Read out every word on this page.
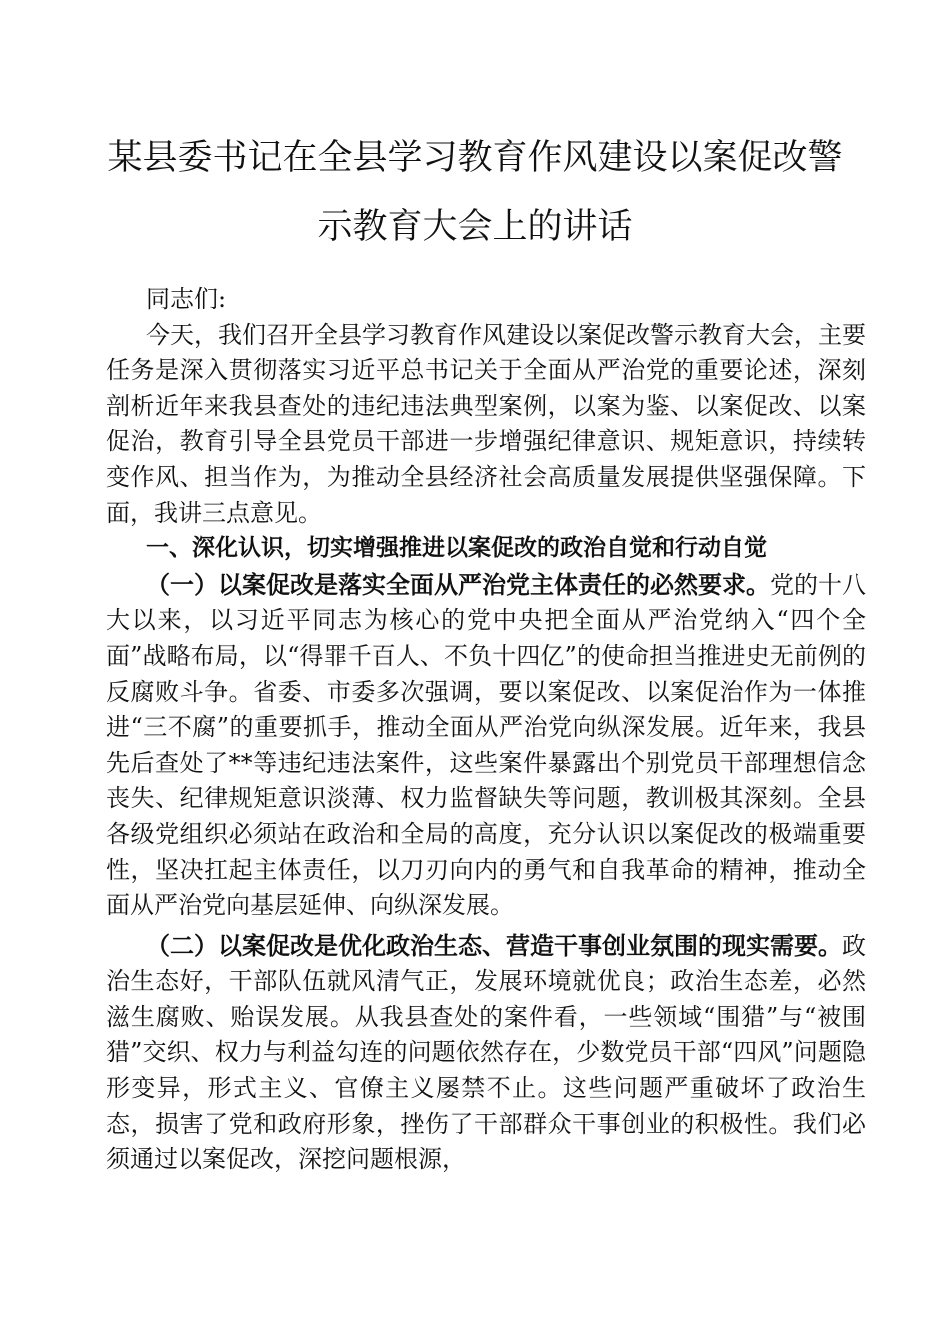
某县委书记在全县学习教育作风建设以案促改警
示教育大会上的讲话

同志们:

今天，我们召开全县学习教育作风建设以案促改警示教育大会，主要任务是深入贯彻落实习近平总书记关于全面从严治党的重要论述，深刻剖析近年来我县查处的违纪违法典型案例，以案为鉴、以案促改、以案促治，教育引导全县党员干部进一步增强纪律意识、规矩意识，持续转变作风、担当作为，为推动全县经济社会高质量发展提供坚强保障。下面，我讲三点意见。

一、深化认识，切实增强推进以案促改的政治自觉和行动自觉

（一）以案促改是落实全面从严治党主体责任的必然要求。党的十八大以来，以习近平同志为核心的党中央把全面从严治党纳入“四个全面”战略布局，以“得罪千百人、不负十四亿”的使命担当推进史无前例的反腐败斗争。省委、市委多次强调，要以案促改、以案促治作为一体推进“三不腐”的重要抓手，推动全面从严治党向纵深发展。近年来，我县先后查处了**等违纪违法案件，这些案件暴露出个别党员干部理想信念丧失、纪律规矩意识淡薄、权力监督缺失等问题，教训极其深刻。全县各级党组织必须站在政治和全局的高度，充分认识以案促改的极端重要性，坚决扛起主体责任，以刀刃向内的勇气和自我革命的精神，推动全面从严治党向基层延伸、向纵深发展。

（二）以案促改是优化政治生态、营造干事创业氛围的现实需要。政治生态好，干部队伍就风清气正，发展环境就优良；政治生态差，必然滋生腐败、贻误发展。从我县查处的案件看，一些领域“围猎”与“被围猎”交织、权力与利益勾连的问题依然存在，少数党员干部“四风”问题隐形变异，形式主义、官僚主义屡禁不止。这些问题严重破坏了政治生态，损害了党和政府形象，挫伤了干部群众干事创业的积极性。我们必须通过以案促改，深挖问题根源，
